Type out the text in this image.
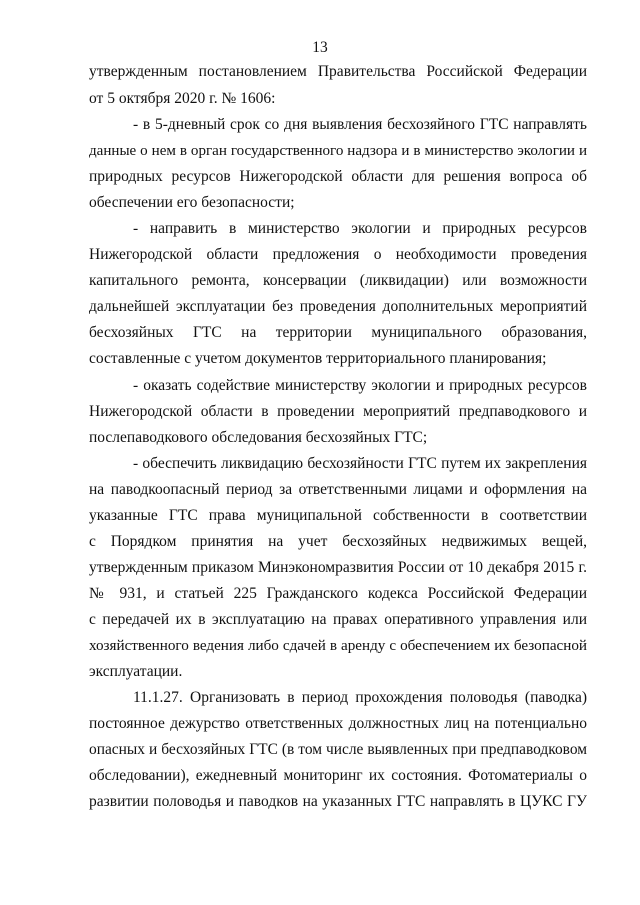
13
утвержденным постановлением Правительства Российской Федерации
от 5 октября 2020 г. № 1606:
- в 5-дневный срок со дня выявления бесхозяйного ГТС направлять
данные о нем в орган государственного надзора и в министерство экологии и
природных ресурсов Нижегородской области для решения вопроса об
обеспечении его безопасности;
- направить в министерство экологии и природных ресурсов
Нижегородской области предложения о необходимости проведения
капитального ремонта, консервации (ликвидации) или возможности
дальнейшей эксплуатации без проведения дополнительных мероприятий
бесхозяйных ГТС на территории муниципального образования,
составленные с учетом документов территориального планирования;
- оказать содействие министерству экологии и природных ресурсов
Нижегородской области в проведении мероприятий предпаводкового и
послепаводкового обследования бесхозяйных ГТС;
- обеспечить ликвидацию бесхозяйности ГТС путем их закрепления
на паводкоопасный период за ответственными лицами и оформления на
указанные ГТС права муниципальной собственности в соответствии
с Порядком принятия на учет бесхозяйных недвижимых вещей,
утвержденным приказом Минэкономразвития России от 10 декабря 2015 г.
№ 931, и статьей 225 Гражданского кодекса Российской Федерации
с передачей их в эксплуатацию на правах оперативного управления или
хозяйственного ведения либо сдачей в аренду с обеспечением их безопасной
эксплуатации.
11.1.27. Организовать в период прохождения половодья (паводка)
постоянное дежурство ответственных должностных лиц на потенциально
опасных и бесхозяйных ГТС (в том числе выявленных при предпаводковом
обследовании), ежедневный мониторинг их состояния. Фотоматериалы о
развитии половодья и паводков на указанных ГТС направлять в ЦУКС ГУ
